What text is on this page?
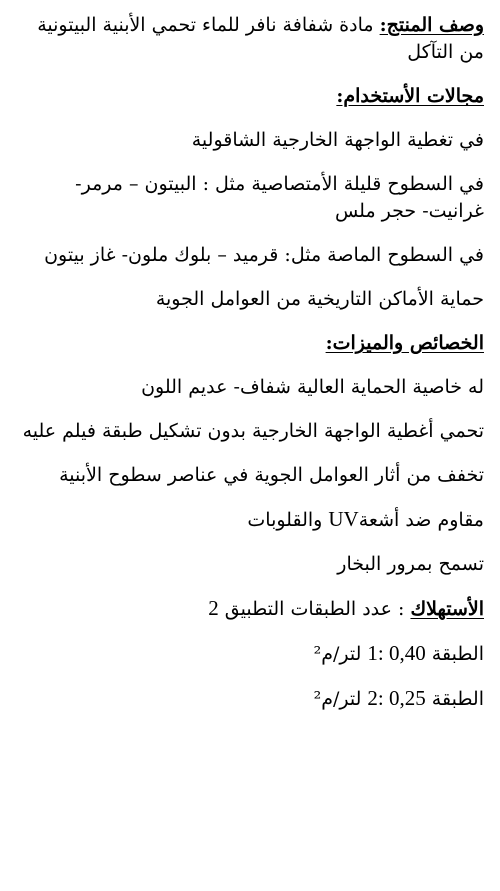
وصف المنتج: مادة شفافة نافر للماء تحمي الأبنية البيتونية من التآكل

مجالات الأستخدام:

في تغطية الواجهة الخارجية الشاقولية

في السطوح قليلة الأمتصاصية مثل : البيتون – مرمر- غرانيت- حجر ملس

في السطوح الماصة مثل: قرميد – بلوك ملون- غاز بيتون

حماية الأماكن التاريخية من العوامل الجوية

الخصائص والميزات:

له خاصية الحماية العالية شفاف- عديم اللون

تحمي أغطية الواجهة الخارجية بدون تشكيل طبقة فيلم عليه

تخفف من أثار العوامل الجوية في عناصر سطوح الأبنية

مقاوم ضد أشعةUV والقلوبات

تسمح بمرور البخار

الأستهلاك : عدد الطبقات التطبيق 2

الطبقة 1: 0,40 لتر/م²

الطبقة 2: 0,25 لتر/م²
